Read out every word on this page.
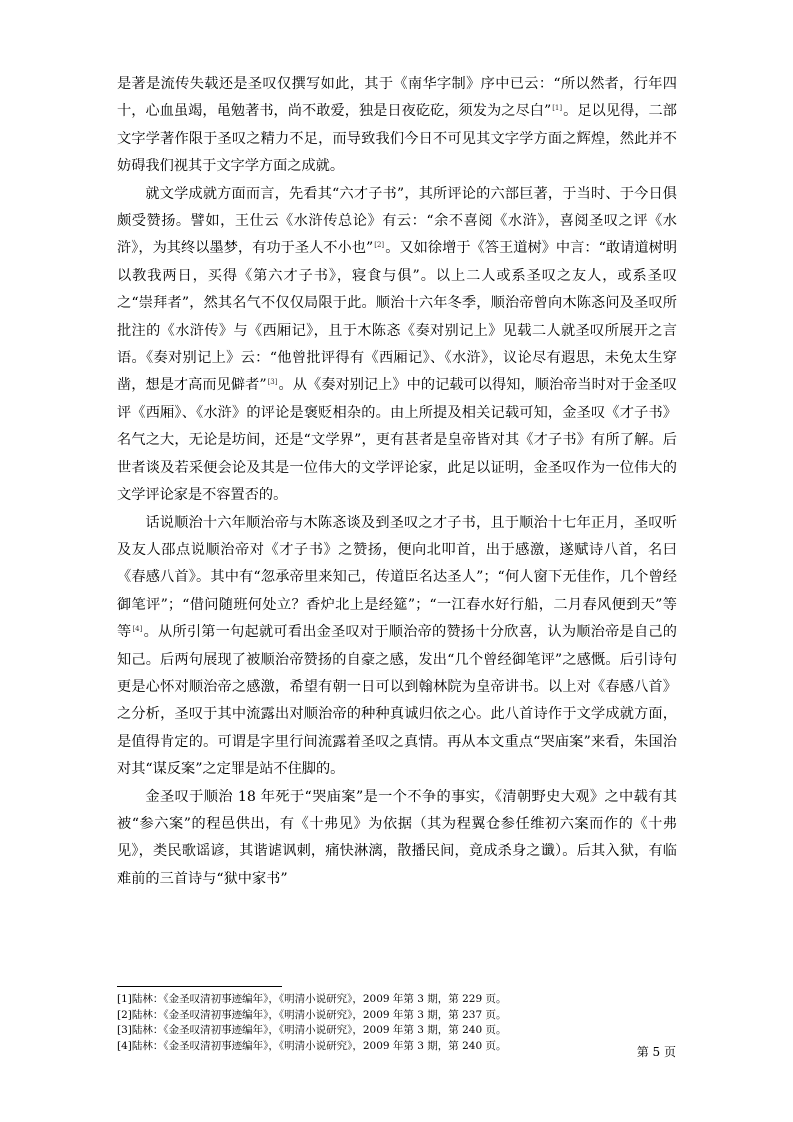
是著是流传失载还是圣叹仅撰写如此，其于《南华字制》序中已云：“所以然者，行年四十，心血虽竭，黾勉著书，尚不敢爱，独是日夜矻矻，须发为之尽白”[1]。足以见得，二部文字学著作限于圣叹之精力不足，而导致我们今日不可见其文字学方面之辉煌，然此并不妨碍我们视其于文字学方面之成就。

就文学成就方面而言，先看其“六才子书”，其所评论的六部巨著，于当时、于今日俱颇受赞扬。譬如，王仕云《水浒传总论》有云：“余不喜阅《水浒》，喜阅圣叹之评《水浒》，为其终以墨梦，有功于圣人不小也”[2]。又如徐增于《答王道树》中言：“敢请道树明以教我两日，买得《第六才子书》，寝食与俱”。以上二人或系圣叹之友人，或系圣叹之“崇拜者”，然其名气不仅仅局限于此。顺治十六年冬季，顺治帝曾向木陈忞问及圣叹所批注的《水浒传》与《西厢记》，且于木陈忞《奏对别记上》见载二人就圣叹所展开之言语。《奏对别记上》云：“他曾批评得有《西厢记》、《水浒》，议论尽有遐思，未免太生穿凿，想是才高而见僻者”[3]。从《奏对别记上》中的记载可以得知，顺治帝当时对于金圣叹评《西厢》、《水浒》的评论是褒贬相杂的。由上所提及相关记载可知，金圣叹《才子书》名气之大，无论是坊间，还是“文学界”，更有甚者是皇帝皆对其《才子书》有所了解。后世者谈及若采便会论及其是一位伟大的文学评论家，此足以证明，金圣叹作为一位伟大的文学评论家是不容置否的。

话说顺治十六年顺治帝与木陈忞谈及到圣叹之才子书，且于顺治十七年正月，圣叹听及友人邵点说顺治帝对《才子书》之赞扬，便向北叩首，出于感激，遂赋诗八首，名曰《春感八首》。其中有“忽承帝里来知己，传道臣名达圣人”；“何人窗下无佳作，几个曾经御笔评”；“借问随班何处立？香炉北上是经筵”；“一江春水好行船，二月春风便到天”等等[4]。从所引第一句起就可看出金圣叹对于顺治帝的赞扬十分欣喜，认为顺治帝是自己的知己。后两句展现了被顺治帝赞扬的自豪之感，发出“几个曾经御笔评”之感慨。后引诗句更是心怀对顺治帝之感激，希望有朝一日可以到翰林院为皇帝讲书。以上对《春感八首》之分析，圣叹于其中流露出对顺治帝的种种真诚归依之心。此八首诗作于文学成就方面，是值得肯定的。可谓是字里行间流露着圣叹之真情。再从本文重点“哭庙案”来看，朱国治对其“谋反案”之定罪是站不住脚的。

金圣叹于顺治 18 年死于“哭庙案”是一个不争的事实，《清朝野史大观》之中载有其被“参六案”的程邑供出，有《十弗见》为依据（其为程翼仓参任维初六案而作的《十弗见》，类民歌谣谚，其谐谑讽刺，痛快淋漓，散播民间，竟成杀身之谶）。后其入狱，有临难前的三首诗与“狱中家书”

[1]陆林：《金圣叹清初事迹编年》，《明清小说研究》，2009 年第 3 期，第 229 页。
[2]陆林：《金圣叹清初事迹编年》，《明清小说研究》，2009 年第 3 期，第 237 页。
[3]陆林：《金圣叹清初事迹编年》，《明清小说研究》，2009 年第 3 期，第 240 页。
[4]陆林：《金圣叹清初事迹编年》，《明清小说研究》，2009 年第 3 期，第 240 页。	第 5 页
